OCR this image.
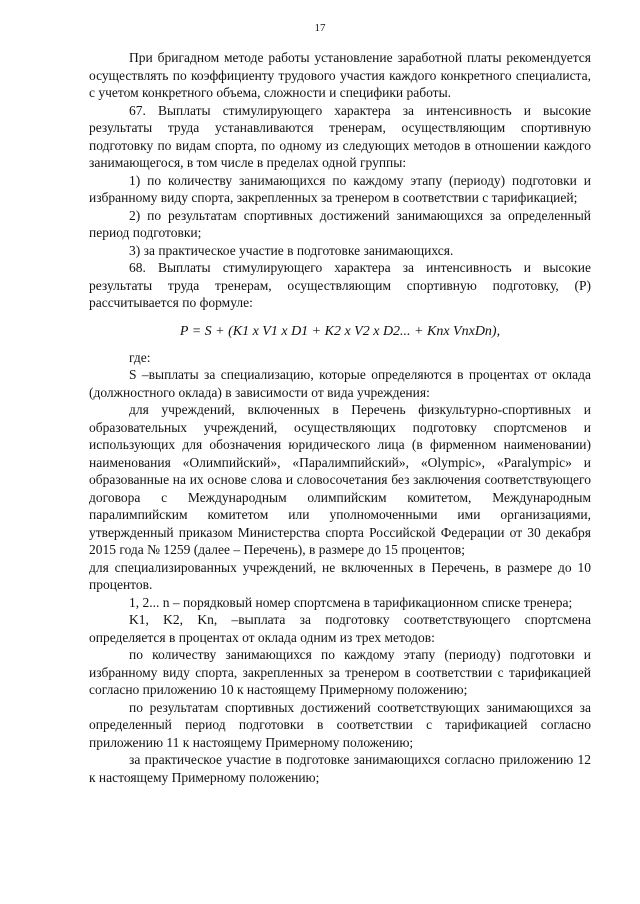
17

При бригадном методе работы установление заработной платы рекомендуется осуществлять по коэффициенту трудового участия каждого конкретного специалиста, с учетом конкретного объема, сложности и специфики работы.

67. Выплаты стимулирующего характера за интенсивность и высокие результаты труда устанавливаются тренерам, осуществляющим спортивную подготовку по видам спорта, по одному из следующих методов в отношении каждого занимающегося, в том числе в пределах одной группы:

1) по количеству занимающихся по каждому этапу (периоду) подготовки и избранному виду спорта, закрепленных за тренером в соответствии с тарификацией;

2) по результатам спортивных достижений занимающихся за определенный период подготовки;

3) за практическое участие в подготовке занимающихся.

68. Выплаты стимулирующего характера за интенсивность и высокие результаты труда тренерам, осуществляющим спортивную подготовку, (P) рассчитывается по формуле:

P = S + (K1 x V1 x D1 + K2 x V2 x D2... + Knx VnxDn),

где:

S –выплаты за специализацию, которые определяются в процентах от оклада (должностного оклада) в зависимости от вида учреждения:

для учреждений, включенных в Перечень физкультурно-спортивных и образовательных учреждений, осуществляющих подготовку спортсменов и использующих для обозначения юридического лица (в фирменном наименовании) наименования «Олимпийский», «Паралимпийский», «Olympic», «Paralympic» и образованные на их основе слова и словосочетания без заключения соответствующего договора с Международным олимпийским комитетом, Международным паралимпийским комитетом или уполномоченными ими организациями, утвержденный приказом Министерства спорта Российской Федерации от 30 декабря 2015 года № 1259 (далее – Перечень), в размере до 15 процентов;

для специализированных учреждений, не включенных в Перечень, в размере до 10 процентов.

1, 2... n – порядковый номер спортсмена в тарификационном списке тренера;

K1, K2, Kn, –выплата за подготовку соответствующего спортсмена определяется в процентах от оклада одним из трех методов:

по количеству занимающихся по каждому этапу (периоду) подготовки и избранному виду спорта, закрепленных за тренером в соответствии с тарификацией согласно приложению 10 к настоящему Примерному положению;

по результатам спортивных достижений соответствующих занимающихся за определенный период подготовки в соответствии с тарификацией согласно приложению 11 к настоящему Примерному положению;

за практическое участие в подготовке занимающихся согласно приложению 12 к настоящему Примерному положению;
